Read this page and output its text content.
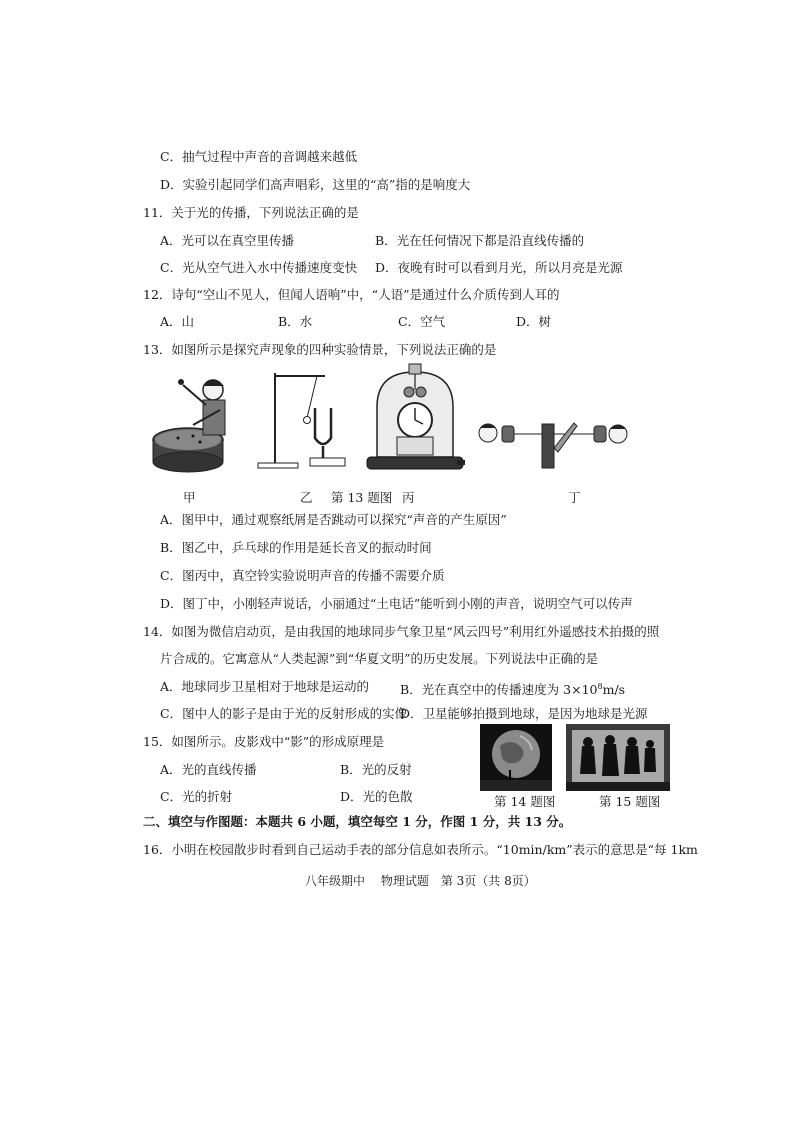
C．抽气过程中声音的音调越来越低
D．实验引起同学们高声唱彩，这里的“高”指的是响度大
11．关于光的传播，下列说法正确的是
A．光可以在真空里传播	B．光在任何情况下都是沿直线传播的
C．光从空气进入水中传播速度变快 D．夜晚有时可以看到月光，所以月亮是光源
12．诗句“空山不见人，但闻人语响”中，“人语”是通过什么介质传到人耳的
A．山	B．水	C．空气	D．树
13．如图所示是探究声现象的四种实验情景，下列说法正确的是
甲	乙 第 13 题图 丙	丁
A．图甲中，通过观察纸屑是否跳动可以探究“声音的产生原因”
B．图乙中，乒乓球的作用是延长音叉的振动时间
C．图丙中，真空铃实验说明声音的传播不需要介质
D．图丁中，小刚轻声说话，小丽通过“土电话”能听到小刚的声音，说明空气可以传声
14．如图为微信启动页，是由我国的地球同步气象卫星“风云四号”利用红外遥感技术拍摄的照
片合成的。它寓意从“人类起源”到“华夏文明”的历史发展。下列说法中正确的是
A．地球同步卫星相对于地球是运动的 B．光在真空中的传播速度为 $3\times 10^8m/s$
C．图中人的影子是由于光的反射形成的实像
D．卫星能够拍摄到地球，是因为地球是光源
15．如图所示。皮影戏中“影”的形成原理是
A．光的直线传播	B．光的反射
C．光的折射	D．光的色散	第 14 题图	第 15 题图
二、填空与作图题：本题共 6 小题，填空每空 1 分，作图 1 分，共 13 分。
16．小明在校园散步时看到自己运动手表的部分信息如表所示。“10min/km”表示的意思是“每 1km
八年级期中　 物理试题　第 3页（共 8页）
